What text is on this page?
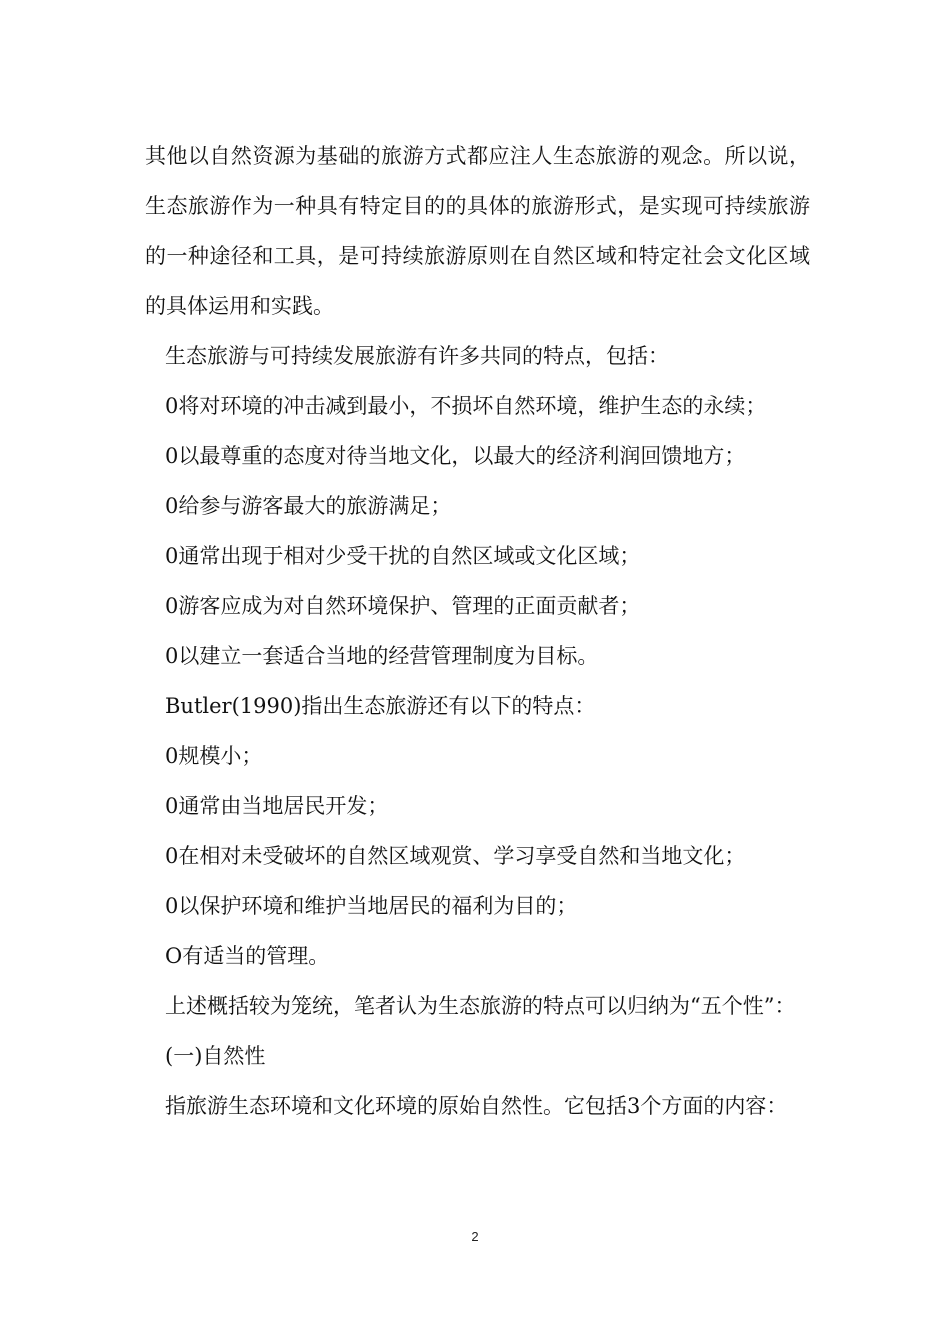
其他以自然资源为基础的旅游方式都应注人生态旅游的观念。所以说，生态旅游作为一种具有特定目的的具体的旅游形式，是实现可持续旅游的一种途径和工具，是可持续旅游原则在自然区域和特定社会文化区域的具体运用和实践。

生态旅游与可持续发展旅游有许多共同的特点，包括：

0将对环境的冲击减到最小，不损坏自然环境，维护生态的永续；

0以最尊重的态度对待当地文化，以最大的经济利润回馈地方；

0给参与游客最大的旅游满足；

0通常出现于相对少受干扰的自然区域或文化区域；

0游客应成为对自然环境保护、管理的正面贡献者；

0以建立一套适合当地的经营管理制度为目标。

Butler(1990)指出生态旅游还有以下的特点：

0规模小；

0通常由当地居民开发；

0在相对未受破坏的自然区域观赏、学习享受自然和当地文化；

0以保护环境和维护当地居民的福利为目的；

O有适当的管理。

上述概括较为笼统，笔者认为生态旅游的特点可以归纳为“五个性”：

(一)自然性

指旅游生态环境和文化环境的原始自然性。它包括3个方面的内容：

2
